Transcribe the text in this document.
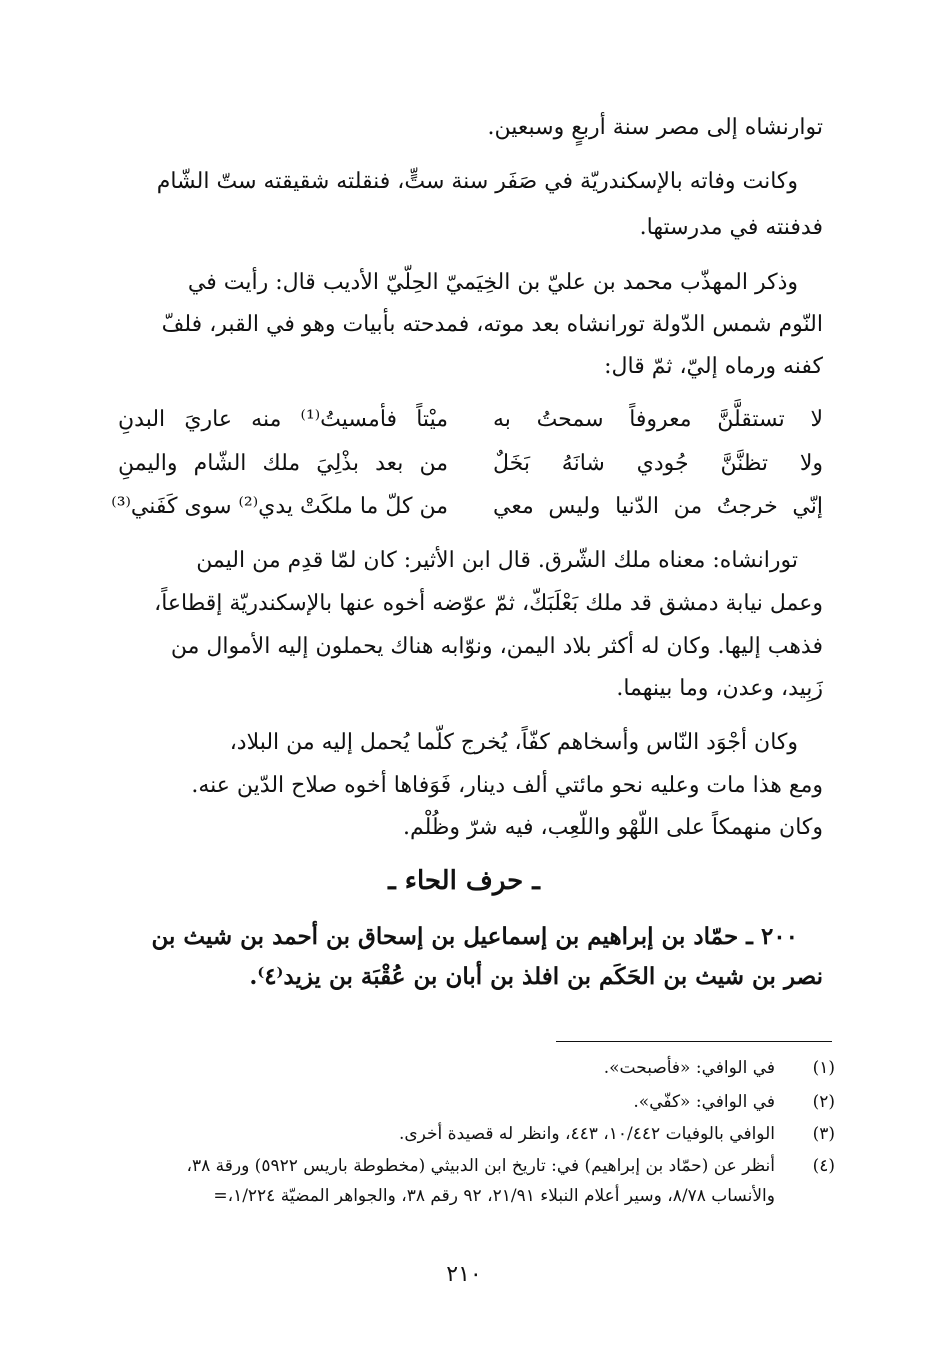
توارنشاه إلى مصر سنة أربعٍ وسبعين.
وكانت وفاته بالإسكندريّة في صَفَر سنة ستٍّ، فنقلته شقيقته ستّ الشّام
فدفنته في مدرستها.
وذكر المهذّب محمد بن عليّ بن الخِيَميّ الحِلّيّ الأديب قال: رأيت في
النّوم شمس الدّولة تورانشاه بعد موته، فمدحته بأبيات وهو في القبر، فلفّ
كفنه ورماه إليّ، ثمّ قال:
لا تستقلَّنَّ معروفاً سمحتُ به
ميْتاً فأمسيتُ⁽¹⁾ منه عاريَ البدنِ
ولا تظنَّنَّ جُودي شانَهُ بَخَلٌ
من بعد بذْلِيَ ملك الشّام واليمنِ
إنّي خرجتُ من الدّنيا وليس معي
من كلّ ما ملكَتْ يدي⁽²⁾ سوى كَفَني⁽³⁾
تورانشاه: معناه ملك الشّرق. قال ابن الأثير: كان لمّا قدِم من اليمن
وعمل نيابة دمشق قد ملك بَعْلَبَكّ، ثمّ عوّضه أخوه عنها بالإسكندريّة إقطاعاً،
فذهب إليها. وكان له أكثر بلاد اليمن، ونوّابه هناك يحملون إليه الأموال من
زَبِيد، وعدن، وما بينهما.
وكان أجْوَد النّاس وأسخاهم كفّاً، يُخرج كلّما يُحمل إليه من البلاد،
ومع هذا مات وعليه نحو مائتي ألف دينار، فَوَفاها أخوه صلاح الدّين عنه.
وكان منهمكاً على اللّهْو واللّعِب، فيه شرّ وظُلْم.
ـ حرف الحاء ـ
٢٠٠ ـ حمّاد بن إبراهيم بن إسماعيل بن إسحاق بن أحمد بن شيث بن
نصر بن شيث بن الحَكَم بن افلذ بن أبان بن عُقْبَة بن يزيد⁽٤⁾.
(١)
في الوافي: «فأصبحت».
(٢)
في الوافي: «كفّي».
(٣)
الوافي بالوفيات ١٠/٤٤٢، ٤٤٣، وانظر له قصيدة أخرى.
(٤)
أنظر عن (حمّاد بن إبراهيم) في: تاريخ ابن الدبيثي (مخطوطة باريس ٥٩٢٢) ورقة ٣٨،
والأنساب ٨/٧٨، وسير أعلام النبلاء ٢١/٩١، ٩٢ رقم ٣٨، والجواهر المضيّة ١/٢٢٤،=
٢١٠
